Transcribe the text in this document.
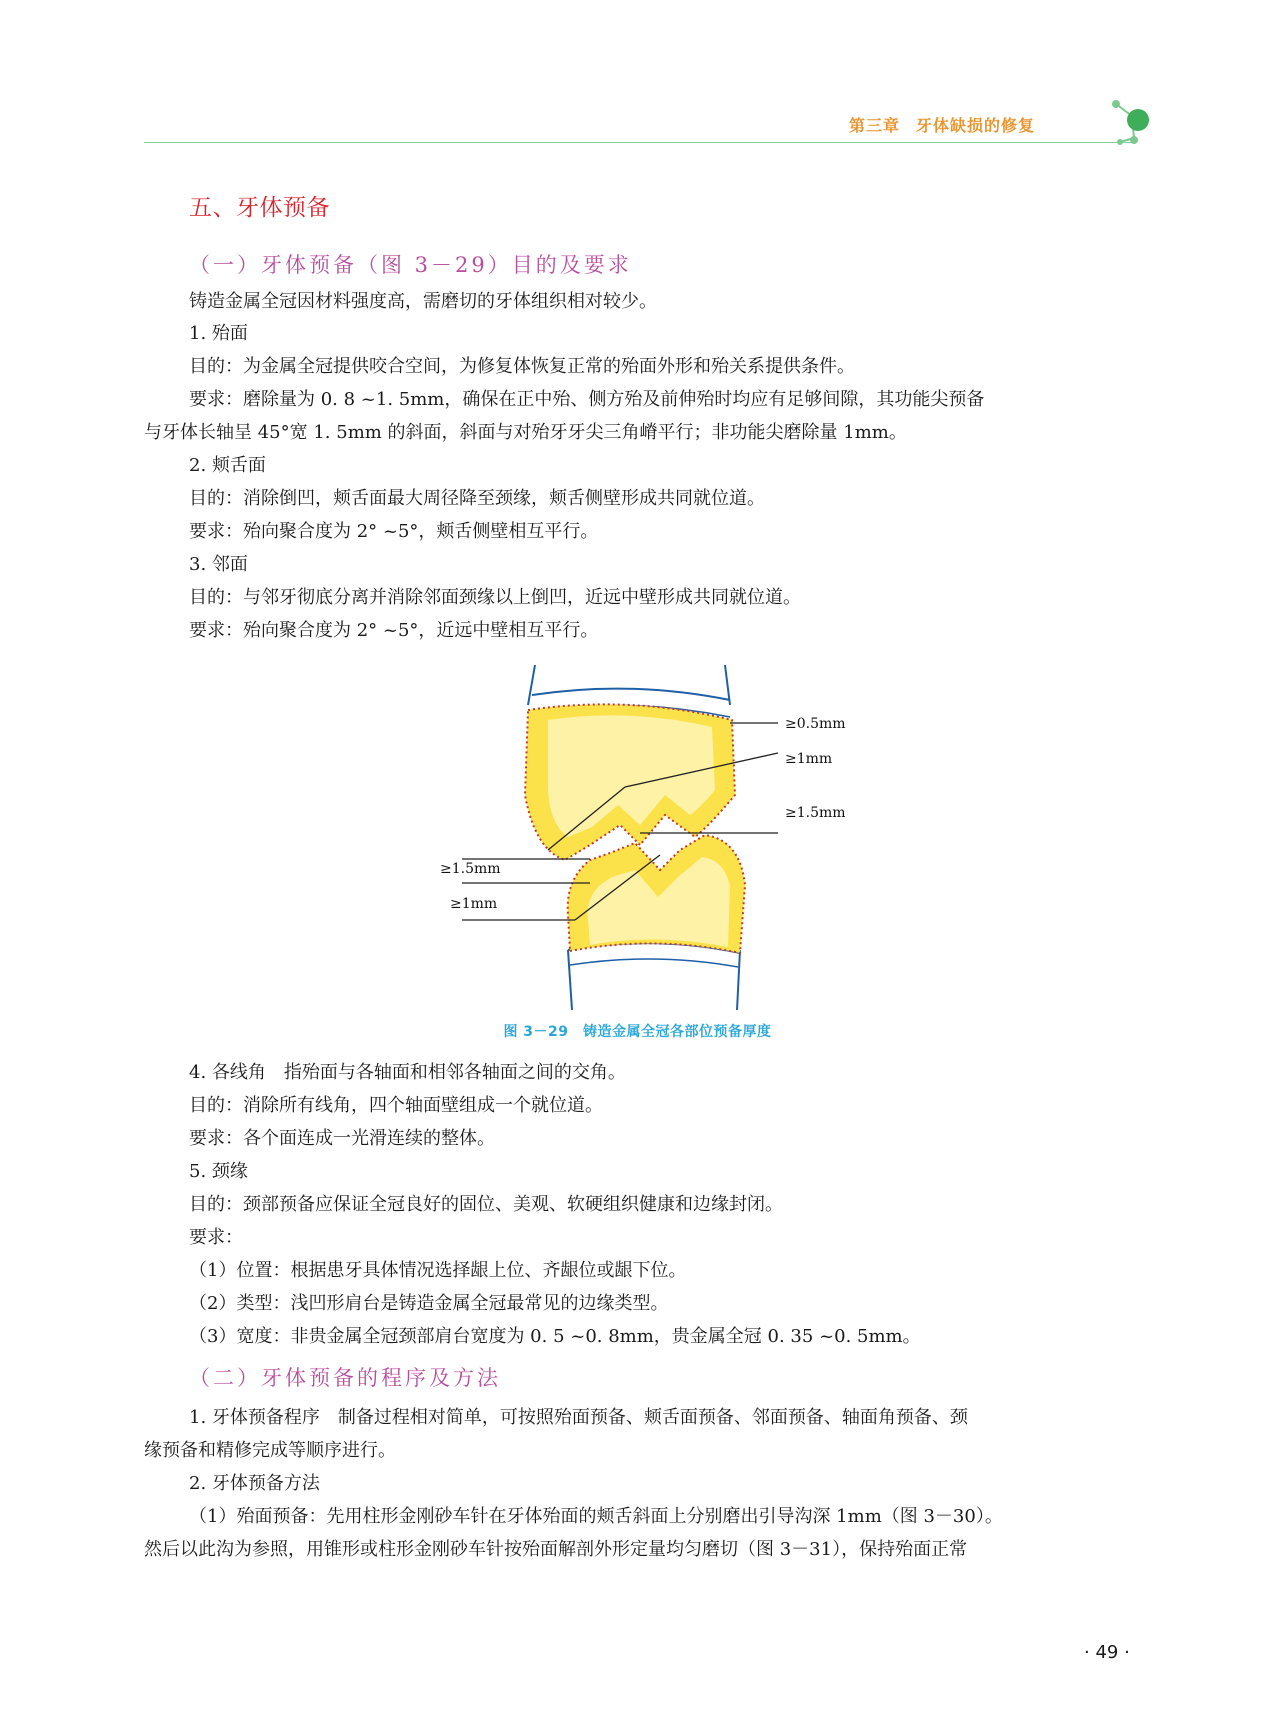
第三章 牙体缺损的修复
五、牙体预备
（一）牙体预备（图 3－29）目的及要求
铸造金属全冠因材料强度高，需磨切的牙体组织相对较少。
1. 殆面
目的：为金属全冠提供咬合空间，为修复体恢复正常的殆面外形和殆关系提供条件。
要求：磨除量为 0. 8 ~1. 5mm，确保在正中殆、侧方殆及前伸殆时均应有足够间隙，其功能尖预备
与牙体长轴呈 45°宽 1. 5mm 的斜面，斜面与对殆牙牙尖三角嵴平行；非功能尖磨除量 1mm。
2. 颊舌面
目的：消除倒凹，颊舌面最大周径降至颈缘，颊舌侧壁形成共同就位道。
要求：殆向聚合度为 2° ~5°，颊舌侧壁相互平行。
3. 邻面
目的：与邻牙彻底分离并消除邻面颈缘以上倒凹，近远中壁形成共同就位道。
要求：殆向聚合度为 2° ~5°，近远中壁相互平行。
≥0.5mm
≥1mm
≥1.5mm
≥1.5mm
≥1mm
图 3－29　 铸造金属全冠各部位预备厚度
4. 各线角　指殆面与各轴面和相邻各轴面之间的交角。
目的：消除所有线角，四个轴面壁组成一个就位道。
要求：各个面连成一光滑连续的整体。
5. 颈缘
目的：颈部预备应保证全冠良好的固位、美观、软硬组织健康和边缘封闭。
要求：
（1）位置：根据患牙具体情况选择龈上位、齐龈位或龈下位。
（2）类型：浅凹形肩台是铸造金属全冠最常见的边缘类型。
（3）宽度：非贵金属全冠颈部肩台宽度为 0. 5 ~0. 8mm，贵金属全冠 0. 35 ~0. 5mm。
（二）牙体预备的程序及方法
1. 牙体预备程序　制备过程相对简单，可按照殆面预备、颊舌面预备、邻面预备、轴面角预备、颈
缘预备和精修完成等顺序进行。
2. 牙体预备方法
（1）殆面预备：先用柱形金刚砂车针在牙体殆面的颊舌斜面上分别磨出引导沟深 1mm（图 3－30）。
然后以此沟为参照，用锥形或柱形金刚砂车针按殆面解剖外形定量均匀磨切（图 3－31），保持殆面正常
· 49 ·
